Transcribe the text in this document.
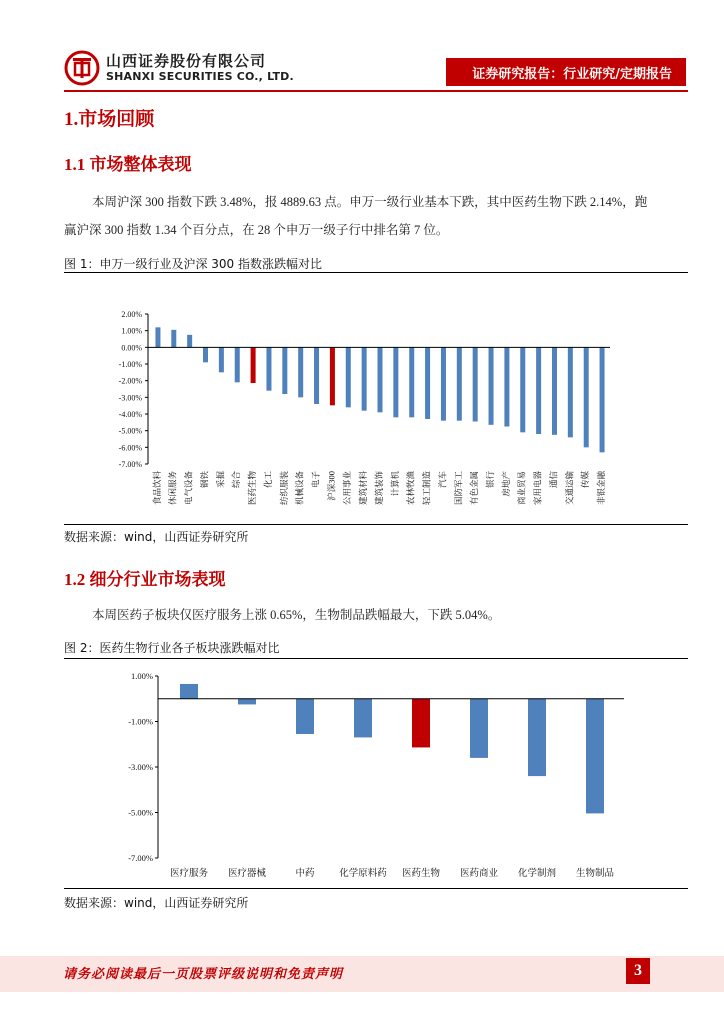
山西证券股份有限公司
SHANXI SECURITIES CO., LTD.	证券研究报告：行业研究/定期报告
1.市场回顾
1.1 市场整体表现
本周沪深 300 指数下跌 3.48%，报 4889.63 点。申万一级行业基本下跌，其中医药生物下跌 2.14%，跑
赢沪深 300 指数 1.34 个百分点，在 28 个申万一级子行中排名第 7 位。
图 1：申万一级行业及沪深 300 指数涨跌幅对比
2.00%
1.00%
0.00%
-1.00%
-2.00%
-3.00%
-4.00%
-5.00%
-6.00%
-7.00%
食品饮料 休闲服务 电气设备 钢铁 采掘 综合 医药生物 化工 纺织服装 机械设备 电子 沪深300 公用事业 建筑材料 建筑装饰 计算机 农林牧渔 轻工制造 汽车 国防军工 有色金属 银行 房地产 商业贸易 家用电器 通信 交通运输 传媒 非银金融
数据来源：wind，山西证券研究所
1.2 细分行业市场表现
本周医药子板块仅医疗服务上涨 0.65%，生物制品跌幅最大，下跌 5.04%。
图 2：医药生物行业各子板块涨跌幅对比
1.00%
-1.00%
-3.00%
-5.00%
-7.00%
医疗服务 医疗器械	中药	化学原料药 医药生物 医药商业 化学制剂 生物制品
数据来源：wind，山西证券研究所
请务必阅读最后一页股票评级说明和免责声明	3
